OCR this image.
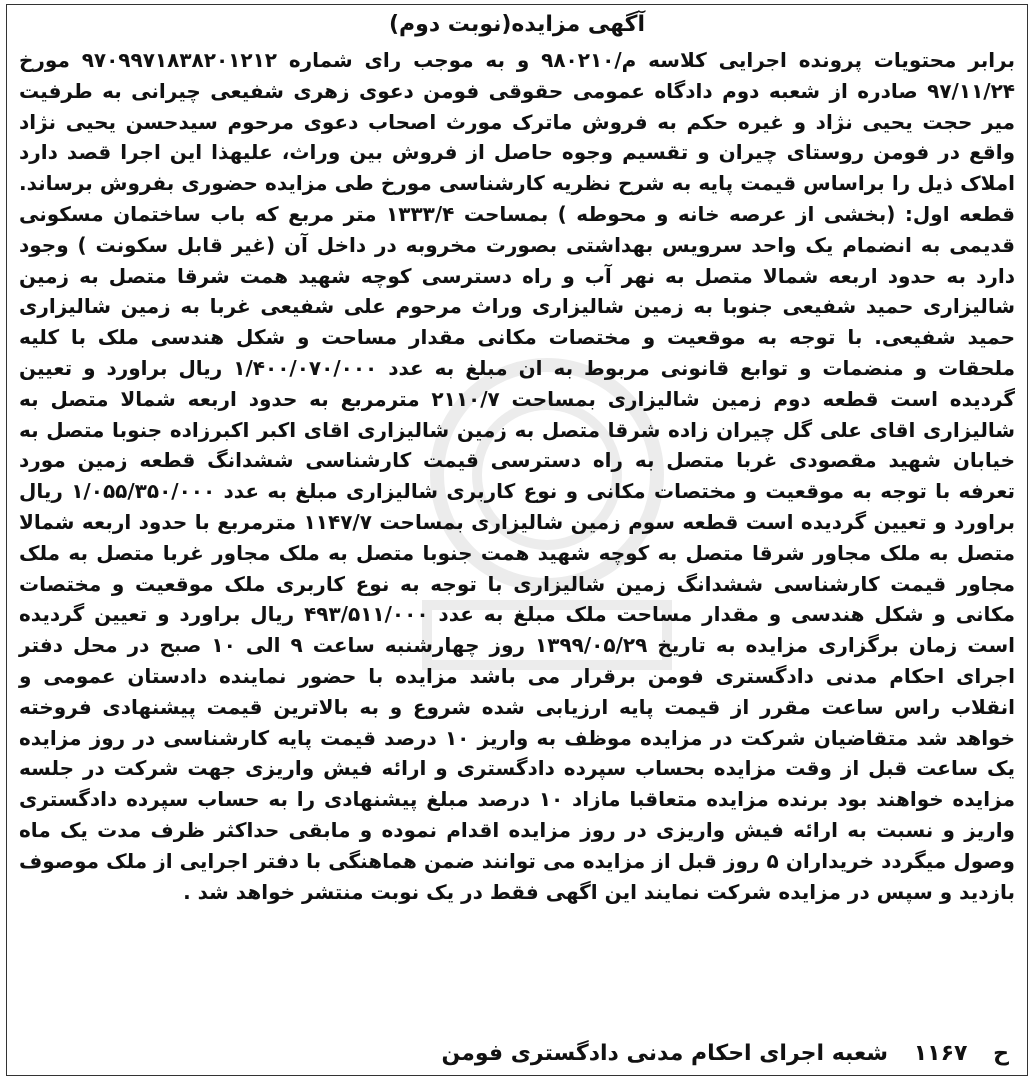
آگهی مزایده(نوبت دوم)
برابر محتویات پرونده اجرایی کلاسه م/۹۸۰۲۱۰ و به موجب رای شماره ۹۷۰۹۹۷۱۸۳۸۲۰۱۲۱۲ مورخ ۹۷/۱۱/۲۴ صادره از شعبه دوم دادگاه عمومی حقوقی فومن دعوی زهری شفیعی چیرانی به طرفیت میر حجت یحیی نژاد و غیره حکم به فروش ماترک مورث اصحاب دعوی مرحوم سیدحسن یحیی نژاد واقع در فومن روستای چیران و تقسیم وجوه حاصل از فروش بین وراث، علیهذا این اجرا قصد دارد املاک ذیل را براساس قیمت پایه به شرح نظریه کارشناسی مورخ طی مزایده حضوری بفروش برساند. قطعه اول: (بخشی از عرصه خانه و محوطه ) بمساحت ۱۳۳۳/۴ متر مربع که باب ساختمان مسکونی قدیمی به انضمام یک واحد سرویس بهداشتی بصورت مخروبه در داخل آن (غیر قابل سکونت ) وجود دارد به حدود اربعه شمالا متصل به نهر آب و راه دسترسی کوچه شهید همت شرقا متصل به زمین شالیزاری حمید شفیعی جنوبا به زمین شالیزاری وراث مرحوم علی شفیعی غربا به زمین شالیزاری حمید شفیعی. با توجه به موقعیت و مختصات مکانی مقدار مساحت و شکل هندسی ملک با کلیه ملحقات و منضمات و توابع قانونی مربوط به ان مبلغ به عدد ۱/۴۰۰/۰۷۰/۰۰۰ ریال براورد و تعیین گردیده است قطعه دوم زمین شالیزاری بمساحت ۲۱۱۰/۷ مترمربع به حدود اربعه شمالا متصل به شالیزاری اقای علی گل چیران زاده شرقا متصل به زمین شالیزاری اقای اکبر اکبرزاده جنوبا متصل به خیابان شهید مقصودی غربا متصل به راه دسترسی قیمت کارشناسی ششدانگ قطعه زمین مورد تعرفه با توجه به موقعیت و مختصات مکانی و نوع کاربری شالیزاری مبلغ به عدد ۱/۰۵۵/۳۵۰/۰۰۰ ریال براورد و تعیین گردیده است قطعه سوم زمین شالیزاری بمساحت ۱۱۴۷/۷ مترمربع با حدود اربعه شمالا متصل به ملک مجاور شرقا متصل به کوچه شهید همت جنوبا متصل به ملک مجاور غربا متصل به ملک مجاور قیمت کارشناسی ششدانگ زمین شالیزاری با توجه به نوع کاربری ملک موقعیت و مختصات مکانی و شکل هندسی و مقدار مساحت ملک مبلغ به عدد ۴۹۳/۵۱۱/۰۰۰ ریال براورد و تعیین گردیده است زمان برگزاری مزایده به تاریخ ۱۳۹۹/۰۵/۲۹ روز چهارشنبه ساعت ۹ الی ۱۰ صبح در محل دفتر اجرای احکام مدنی دادگستری فومن برقرار می باشد مزایده با حضور نماینده دادستان عمومی و انقلاب راس ساعت مقرر از قیمت پایه ارزیابی شده شروع و به بالاترین قیمت پیشنهادی فروخته خواهد شد متقاضیان شرکت در مزایده موظف به واریز ۱۰ درصد قیمت پایه کارشناسی در روز مزایده یک ساعت قبل از وقت مزایده بحساب سپرده دادگستری و ارائه فیش واریزی جهت شرکت در جلسه مزایده خواهند بود برنده مزایده متعاقبا مازاد ۱۰ درصد مبلغ پیشنهادی را به حساب سپرده دادگستری واریز و نسبت به ارائه فیش واریزی در روز مزایده اقدام نموده و مابقی حداکثر ظرف مدت یک ماه وصول میگردد خریداران ۵ روز قبل از مزایده می توانند ضمن هماهنگی با دفتر اجرایی از ملک موصوف بازدید و سپس در مزایده شرکت نمایند این اگهی فقط در یک نوبت منتشر خواهد شد .
ح ۱۱۶۷ شعبه اجرای احکام مدنی دادگستری فومن
